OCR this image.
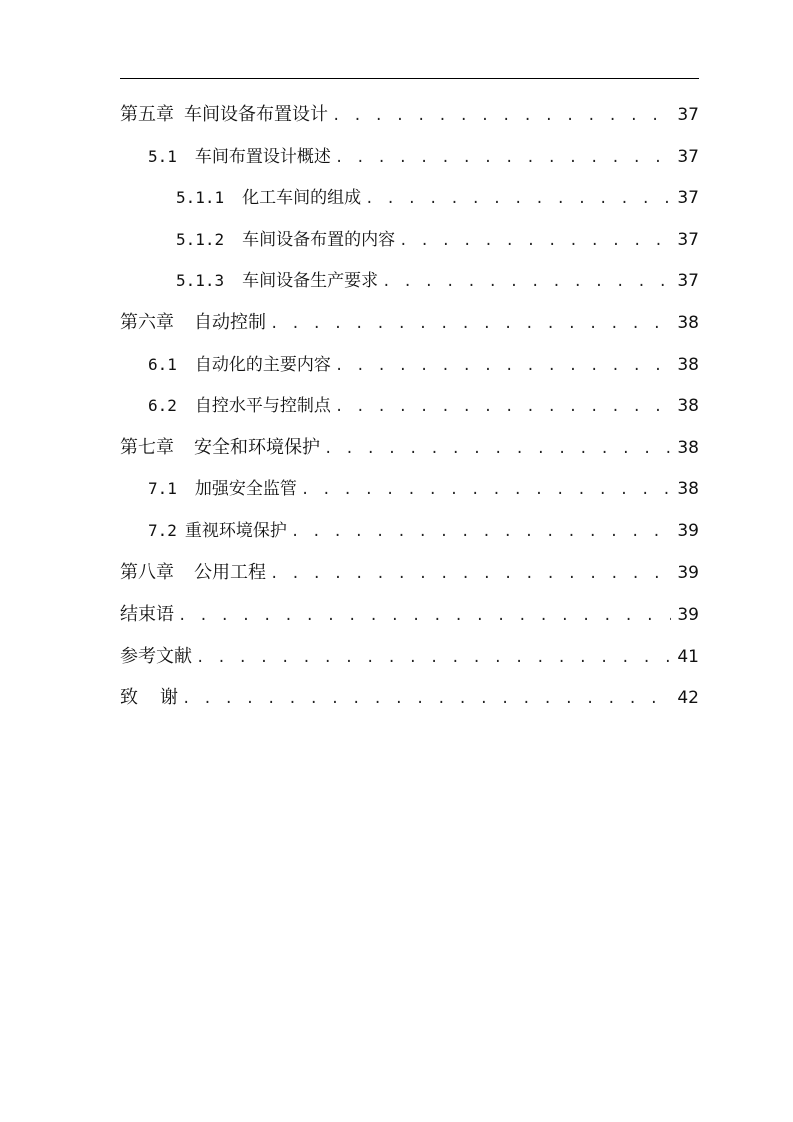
第五章 车间设备布置设计 . . .	37
5.1 车间布置设计概述 . . .	37
5.1.1 化工车间的组成 . . .	37
5.1.2 车间设备布置的内容 . . .	37
5.1.3 车间设备生产要求 . . .	37
第六章 自动控制 . . .	38
6.1 自动化的主要内容 . . .	38
6.2 自控水平与控制点 . . .	38
第七章 安全和环境保护 . . .	38
7.1 加强安全监管 . . .	38
7.2 重视环境保护 . . .	39
第八章 公用工程 . . .	39
结束语 . . .	39
参考文献 . . .	41
致 谢 . . .	42
